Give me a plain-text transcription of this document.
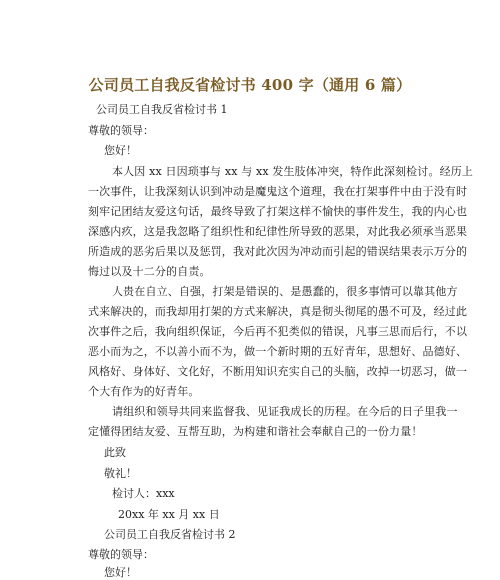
公司员工自我反省检讨书 400 字（通用 6 篇）
公司员工自我反省检讨书 1
尊敬的领导：
您好！
本人因 xx 日因琐事与 xx 与 xx 发生肢体冲突，特作此深刻检讨。经历上
一次事件，让我深刻认识到冲动是魔鬼这个道理，我在打架事件中由于没有时
刻牢记团结友爱这句话，最终导致了打架这样不愉快的事件发生，我的内心也
深感内疚，这是我忽略了组织性和纪律性所导致的恶果，对此我必须承当恶果
所造成的恶劣后果以及惩罚，我对此次因为冲动而引起的错误结果表示万分的
悔过以及十二分的自责。
人贵在自立、自强，打架是错误的、是愚蠢的，很多事情可以靠其他方
式来解决的，而我却用打架的方式来解决，真是彻头彻尾的愚不可及，经过此
次事件之后，我向组织保证，今后再不犯类似的错误，凡事三思而后行，不以
恶小而为之，不以善小而不为，做一个新时期的五好青年，思想好、品德好、
风格好、身体好、文化好，不断用知识充实自己的头脑，改掉一切恶习，做一
个大有作为的好青年。
请组织和领导共同来监督我、见证我成长的历程。在今后的日子里我一
定懂得团结友爱、互帮互助，为构建和谐社会奉献自己的一份力量！
此致
敬礼！
检讨人：xxx
20xx 年 xx 月 xx 日
公司员工自我反省检讨书 2
尊敬的领导：
您好！
